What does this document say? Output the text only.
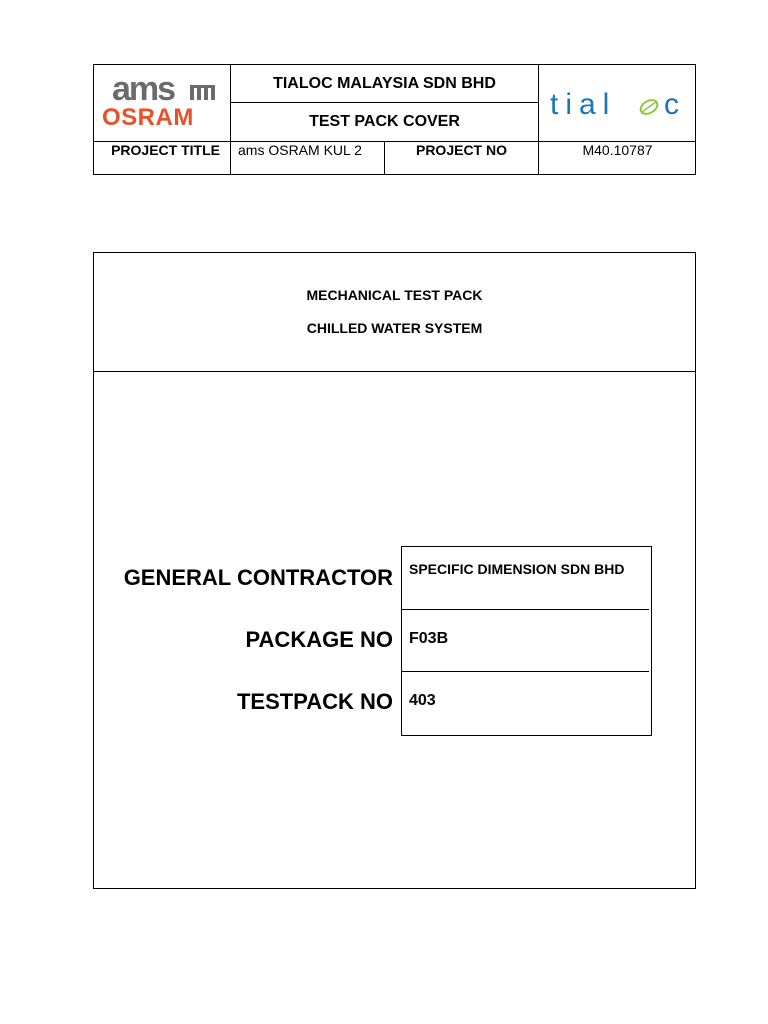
ams
OSRAM
TIALOC MALAYSIA SDN BHD
TEST PACK COVER
tial c
PROJECT TITLE ams OSRAM KUL 2	PROJECT NO	M40.10787
MECHANICAL TEST PACK
CHILLED WATER SYSTEM
GENERAL CONTRACTOR
PACKAGE NO
TESTPACK NO
SPECIFIC DIMENSION SDN BHD
F03B
403
